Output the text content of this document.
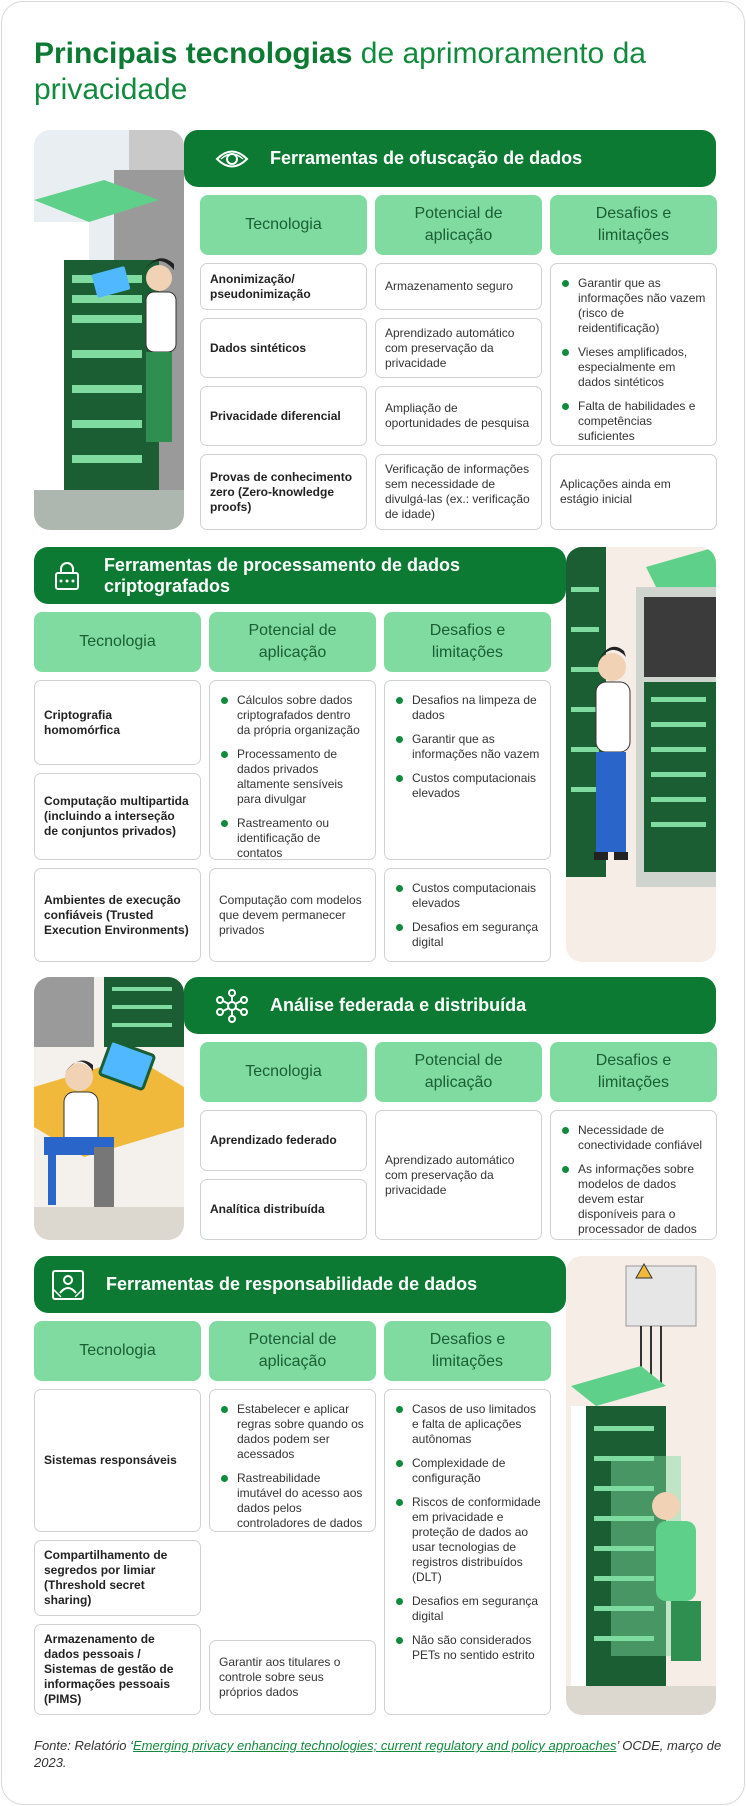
Principais tecnologias de aprimoramento da privacidade
Ferramentas de ofuscação de dados
Tecnologia
Potencial de aplicação
Desafios e limitações
Anonimização/ pseudonimização
Armazenamento seguro
Dados sintéticos
Aprendizado automático com preservação da privacidade
Privacidade diferencial
Ampliação de oportunidades de pesquisa
Provas de conhecimento zero (Zero-knowledge proofs)
Verificação de informações sem necessidade de divulgá-las (ex.: verificação de idade)
Garantir que as informações não vazem (risco de reidentificação)
Vieses amplificados, especialmente em dados sintéticos
Falta de habilidades e competências suficientes
Aplicações ainda em estágio inicial
Ferramentas de processamento de dados criptografados
Tecnologia
Potencial de aplicação
Desafios e limitações
Criptografia homomórfica
Computação multipartida (incluindo a interseção de conjuntos privados)
Ambientes de execução confiáveis (Trusted Execution Environments)
Cálculos sobre dados criptografados dentro da própria organização
Processamento de dados privados altamente sensíveis para divulgar
Rastreamento ou identificação de contatos
Computação com modelos que devem permanecer privados
Desafios na limpeza de dados
Garantir que as informações não vazem
Custos computacionais elevados
Custos computacionais elevados
Desafios em segurança digital
Análise federada e distribuída
Tecnologia
Potencial de aplicação
Desafios e limitações
Aprendizado federado
Analítica distribuída
Aprendizado automático com preservação da privacidade
Necessidade de conectividade confiável
As informações sobre modelos de dados devem estar disponíveis para o processador de dados
Ferramentas de responsabilidade de dados
Tecnologia
Potencial de aplicação
Desafios e limitações
Sistemas responsáveis
Compartilhamento de segredos por limiar (Threshold secret sharing)
Armazenamento de dados pessoais / Sistemas de gestão de informações pessoais (PIMS)
Estabelecer e aplicar regras sobre quando os dados podem ser acessados
Rastreabilidade imutável do acesso aos dados pelos controladores de dados
Garantir aos titulares o controle sobre seus próprios dados
Casos de uso limitados e falta de aplicações autônomas
Complexidade de configuração
Riscos de conformidade em privacidade e proteção de dados ao usar tecnologias de registros distribuídos (DLT)
Desafios em segurança digital
Não são considerados PETs no sentido estrito
Fonte: Relatório ‘Emerging privacy enhancing technologies; current regulatory and policy approaches’ OCDE, março de 2023.
